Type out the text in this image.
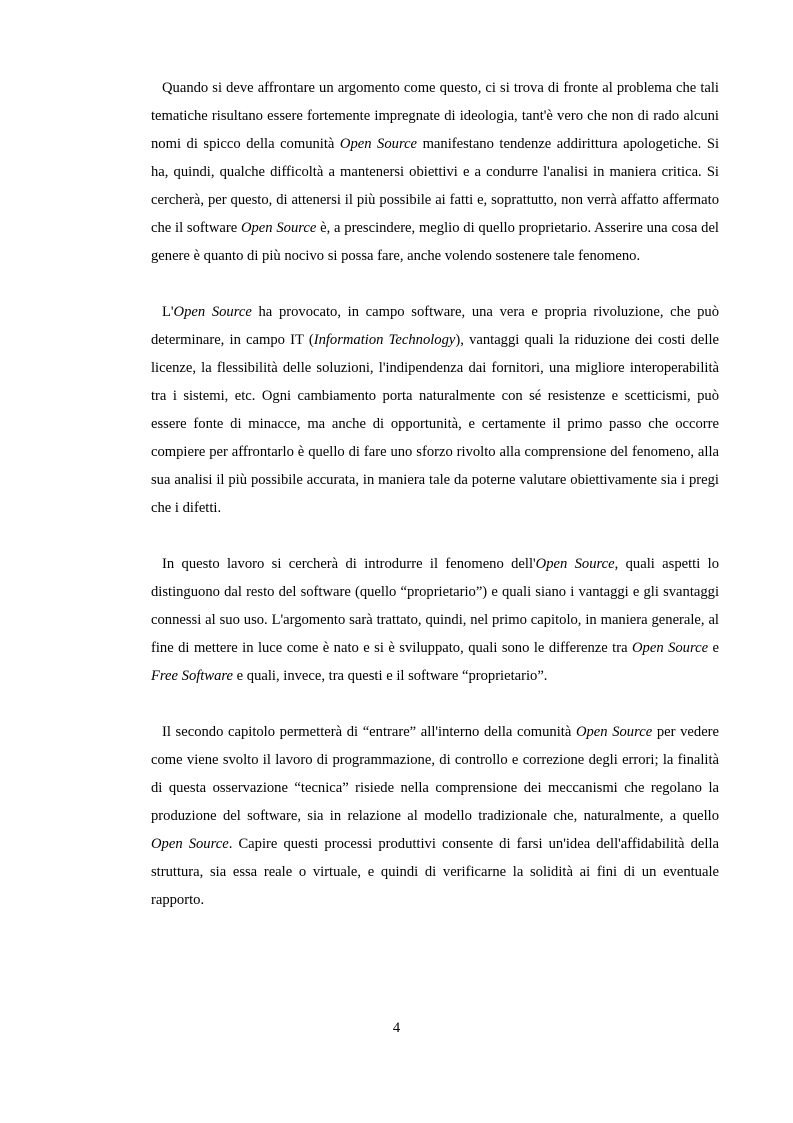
Quando si deve affrontare un argomento come questo, ci si trova di fronte al problema che tali tematiche risultano essere fortemente impregnate di ideologia, tant'è vero che non di rado alcuni nomi di spicco della comunità Open Source manifestano tendenze addirittura apologetiche. Si ha, quindi, qualche difficoltà a mantenersi obiettivi e a condurre l'analisi in maniera critica. Si cercherà, per questo, di attenersi il più possibile ai fatti e, soprattutto, non verrà affatto affermato che il software Open Source è, a prescindere, meglio di quello proprietario. Asserire una cosa del genere è quanto di più nocivo si possa fare, anche volendo sostenere tale fenomeno.

L'Open Source ha provocato, in campo software, una vera e propria rivoluzione, che può determinare, in campo IT (Information Technology), vantaggi quali la riduzione dei costi delle licenze, la flessibilità delle soluzioni, l'indipendenza dai fornitori, una migliore interoperabilità tra i sistemi, etc. Ogni cambiamento porta naturalmente con sé resistenze e scetticismi, può essere fonte di minacce, ma anche di opportunità, e certamente il primo passo che occorre compiere per affrontarlo è quello di fare uno sforzo rivolto alla comprensione del fenomeno, alla sua analisi il più possibile accurata, in maniera tale da poterne valutare obiettivamente sia i pregi che i difetti.

In questo lavoro si cercherà di introdurre il fenomeno dell'Open Source, quali aspetti lo distinguono dal resto del software (quello “proprietario”) e quali siano i vantaggi e gli svantaggi connessi al suo uso. L'argomento sarà trattato, quindi, nel primo capitolo, in maniera generale, al fine di mettere in luce come è nato e si è sviluppato, quali sono le differenze tra Open Source e Free Software e quali, invece, tra questi e il software “proprietario”.

Il secondo capitolo permetterà di “entrare” all'interno della comunità Open Source per vedere come viene svolto il lavoro di programmazione, di controllo e correzione degli errori; la finalità di questa osservazione “tecnica” risiede nella comprensione dei meccanismi che regolano la produzione del software, sia in relazione al modello tradizionale che, naturalmente, a quello Open Source. Capire questi processi produttivi consente di farsi un'idea dell'affidabilità della struttura, sia essa reale o virtuale, e quindi di verificarne la solidità ai fini di un eventuale rapporto.

4
